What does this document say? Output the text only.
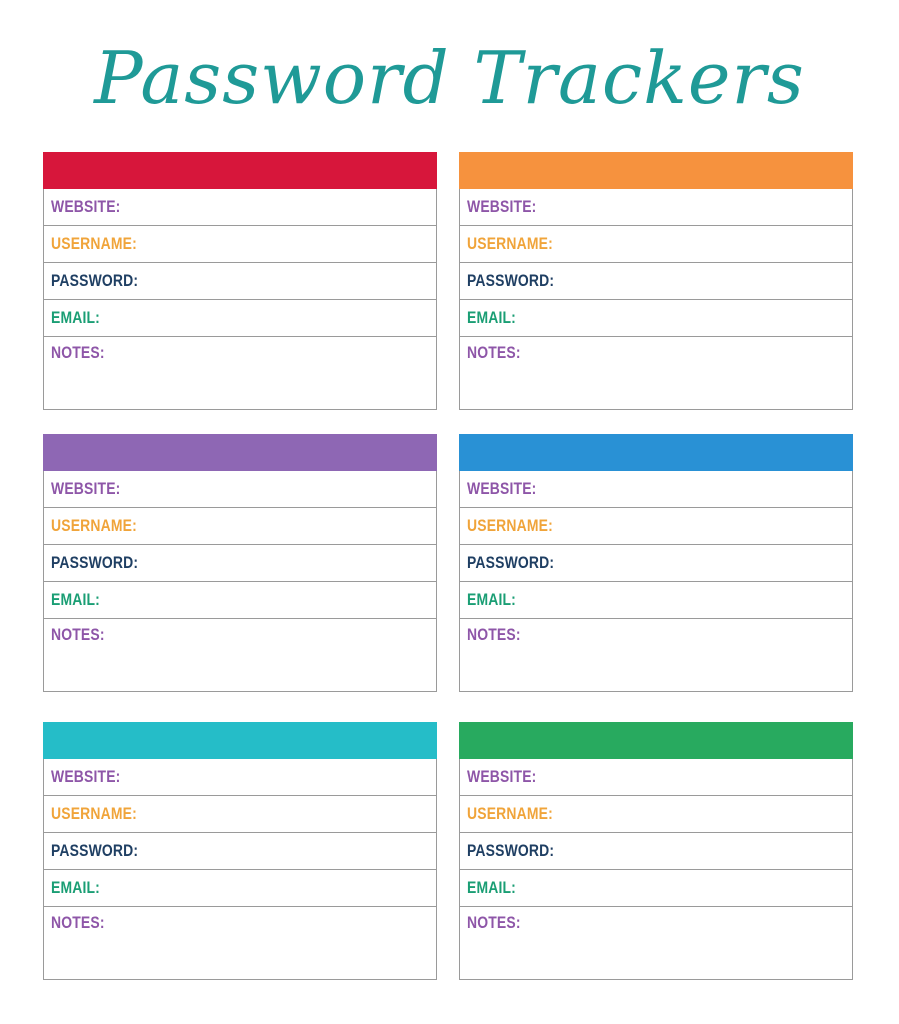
Password Trackers
WEBSITE:
USERNAME:
PASSWORD:
EMAIL:
NOTES:
WEBSITE:
USERNAME:
PASSWORD:
EMAIL:
NOTES:
WEBSITE:
USERNAME:
PASSWORD:
EMAIL:
NOTES:
WEBSITE:
USERNAME:
PASSWORD:
EMAIL:
NOTES:
WEBSITE:
USERNAME:
PASSWORD:
EMAIL:
NOTES:
WEBSITE:
USERNAME:
PASSWORD:
EMAIL:
NOTES:
